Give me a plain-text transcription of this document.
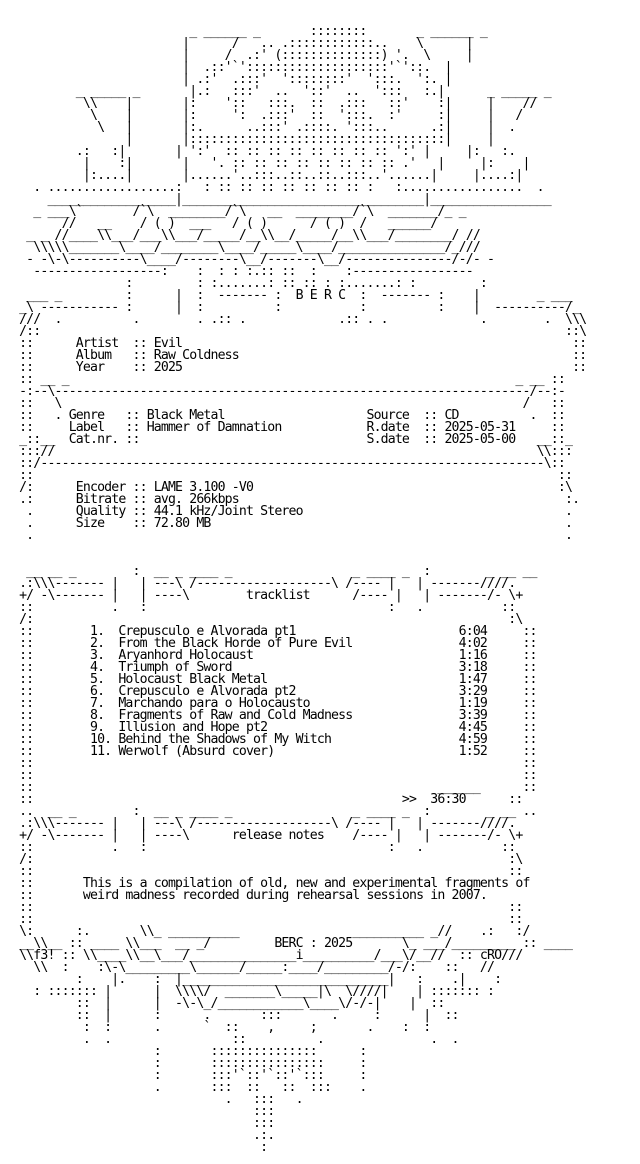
_ ______ _       ::::::::       _ ______ _
|      /   .. .::::::::::::..    \      |
|     /  .:' (::::::::::::::) '.  \     |
|  .::'`'::::::::::::::::::::'`'::.  |
| .:'  .:::'  '::::::::'  ':::.  ':. |
_ _____ _       |.:   :::'  ..  '::'  ..  ':::   :.|      _ _____ _
\\    |       |:    '::   :::.  ::  .:::   ::'    :|     |    //
\    |       |:     ':  .:::'  ::  ':::.  :'     :|     |   /
\   |       |:.      ..:::' .::::. ':::..      .:|     |  .
|       |::::::::::::::::::::::::::::::::::::|     |
.:   :|       | ':'  :: :: :: :: :: :: :: :: ':' |     |:   :.
|    :|       |   '. :: :: :: :: :: :: :: :: .'   |     |:    |
|:....|       |......'..:::..::..::..:::..'......|     |....:|
. ..................:   : :: :: :: :: :: :: :: :   :.................  .
__________________|__________________________________|_________________
_ ___\`       /`\  ________/`\   __  ________/`\  _______/_ _
//   __    / ( )  ___   / ( )      / ( )  /   ______/
_ _ //____\\___/___\\___/_____/__\\__/_____/__\\___/________/ //
\\\\\_______\____/________\____/_____\____/_______________/_///
- -\-\----------\____/--------\__/-------\__/---------------/-/- -
------------------:    :  : : :.:: ::  :    :-----------------
:         : :.......: :: :: : :.......: :         :
___ _         :      |  :  ------- :  B E R C  :  ------- :    |        _ ___
_\ ----------- :      |  :          :           :          :    |  ----------/_
///  .          .        . .:: .             .:: . .             .        .  \\\
/::                                                                          ::\
::      Artist  :: Evil                                                       ::
::      Album   :: Raw Coldness                                               ::
::      Year    :: 2025                                                       ::
:: __ _                                                               _ __ ::
-:--\-------------------------------------------------------------------/--:-
::   \                                                                 /   ::
::   . Genre   :: Black Metal                    Source  :: CD          .  ::
::     Label   :: Hammer of Damnation            R.date  :: 2025-05-31     ::
_::__  Cat.nr. ::                                S.date  :: 2025-05-00   __::_
::://                                                                    \\:::
::/-----------------------------------------------------------------------\::
::                                                                          ::
/:      Encoder :: LAME 3.100 -V0                                           :\
.:      Bitrate :: avg. 266kbps                                              :.
.      Quality :: 44.1 kHz/Joint Stereo                                     .
.      Size    :: 72.80 MB                                                  .
.                                                                           .
__ __ _        :  __ _ ____ _                 _ ____ _  :        _ __ __
.:\\\------- |   | ---\ /-------------------\ /---- |   | -------////.
+/ -\------- |   | ----\        tracklist      /---- |   | -------/- \+
::           .   :                                  :   .           ::
/:                                                                   :\
::        1.  Crepusculo e Alvorada pt1                       6:04     ::
::        2.  From the Black Horde of Pure Evil               4:02     ::
::        3.  Aryanhord Holocaust                             1:16     ::
::        4.  Triumph of Sword                                3:18     ::
::        5.  Holocaust Black Metal                           1:47     ::
::        6.  Crepusculo e Alvorada pt2                       3:29     ::
::        7.  Marchando para o Holocausto                     1:19     ::
::        8.  Fragments of Raw and Cold Madness               3:39     ::
::        9.  Illusion and Hope pt2                           4:45     ::
::        10. Behind the Shadows of My Witch                  4:59     ::
::        11. Werwolf (Absurd cover)                          1:52     ::
::                                                                     ::
::                                                                     ::
::                                                         ______      ::
::                                                    >>  36:30      ::
..  __ _        :  __ _ ____ _                 _ ____ _  :        _ __ ..
.:\\\------- |   | ---\ /-------------------\ /---- |   | -------////.
+/ -\------- |   | ----\      release notes    /---- |   | -------/- \+
::           .   :                                  :   .           ::
/:                                                                   :\
::                                                                   ::
::       This is a compilation of old, new and experimental fragments of
::       weird madness recorded during rehearsal sessions in 2007.
::                                                                   ::
::                                                                   ::
\:      :.       \\_ __________                __________ _//    .:   :/
__\\__ :: ____ \\___  __ _/         BERC : 2025       \_ ___/_________ :: ____
\\f3! :: \\____\\__\___/_______________i__________/___\/__//  :: cRO///
\\  :    :\-\_________\______/_____:____/_________/-/:    ::   //
:    |.    :  |_____________________________|   :    .|    :
: ::::::: |      |  \\\\/  _______\_____|\  \////|    | ::::::: :
::  |      |  -\-\_/____________\____\/-/-|    |  ::
::  |      :      .       :::       .     :      |  ::
:  :      .      `  ::    ,     ;       .    :  :
.  .                 ::          .               .  .
:       :::::::::::::::      :
:       ::::::::::::::::     :
:       :::'`::'`::'`:::     :
.       :::  ::   ::  :::    .
.   :::   .
:::
:::
.:.
:
